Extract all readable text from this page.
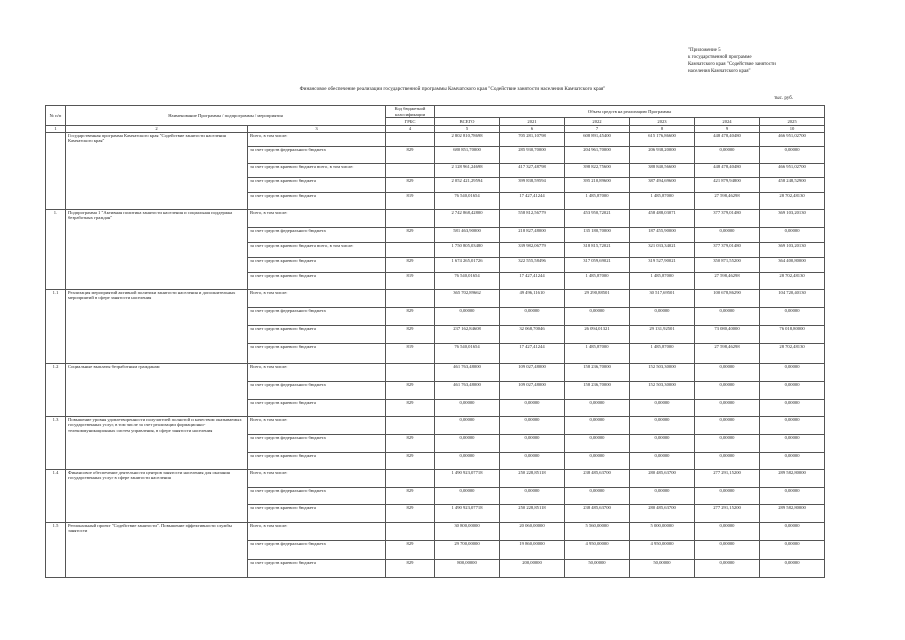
"Приложение 5
к государственной программе
Камчатского края "Содействие занятости
населения Камчатского края"
Финансовое обеспечение реализации государственной программы Камчатского края "Содействие занятости населения Камчатского края"
тыс. руб.
№ п/п	Наименование Программы / подпрограммы / мероприятия		Код бюджетной классификации	Объем средств на реализацию Программы					
			ГРБС						
				ВСЕГО	2021	2022	2023	2024	2025
1	2	3	4	5	6	7	8	9	10
	Государственная программа Камчатского края "Содействие занятости населения Камчатского края"	Всего, в том числе:		2 802 810,78698	705 281,10798	608 891,45400	615 176,86600	448 478,40480	466 951,02700
		за счет средств федерального бюджета	829	680 851,70000	285 930,70000	204 961,70000	206 938,20000	0,00000	0,00000
		за счет средств краевого бюджета всего, в том числе:		2 128 961,24698	417 327,48798	398 822,75600	388 840,56600	448 478,40480	466 951,02700
		за счет средств краевого бюджета	829	2 052 421,29594	399 838,59594	395 210,89600	387 494,69600	421 879,94800	458 248,52900
		за счет средств краевого бюджета	819	76 540,01654	17 427,41244	1 485,87000	1 485,87000	27 598,46298	28 702,48130
1.	Подпрограмма 1 "Активная политика занятости населения и социальная поддержка безработных граждан"	Всего, в том числе:		2 742 868,42800	558 812,56779	453 950,72021	458 488,03071	377 379,01480	369 103,20130
		за счет средств федерального бюджета	829	581 463,90000	218 827,48000	135 180,70000	187 455,90000	0,00000	0,00000
		за счет средств краевого бюджета всего, в том числе:		1 750 805,03480	339 982,06779	318 815,72021	321 033,34021	377 379,01480	369 103,20130
		за счет средств краевого бюджета	829	1 674 265,01726	322 555,58496	317 059,69021	319 527,90021	350 871,55200	364 400,80000
		за счет средств краевого бюджета	819	76 540,01654	17 427,41244	1 485,87000	1 485,87000	27 598,46298	28 702,48130
1.1	Реализация мероприятий активной политики занятости населения и дополнительных мероприятий в сфере занятости населения	Всего, в том числе:		365 702,89662	49 496,11610	29 290,88501	30 517,69501	100 678,86290	104 720,40130
		за счет средств федерального бюджета	829	0,00000	0,00000	0,00000	0,00000	0,00000	0,00000
		за счет средств краевого бюджета	829	237 162,84608	32 068,70046	26 094,01321	29 131,92501	73 080,40000	76 018,80000
		за счет средств краевого бюджета	819	76 540,01654	17 427,41244	1 485,87000	1 485,87000	27 598,46298	28 702,48130
1.2	Социальные выплаты безработным гражданам	Всего, в том числе:		461 763,48000	109 027,48000	158 236,70000	152 503,30000	0,00000	0,00000
		за счет средств федерального бюджета	829	461 763,48000	109 027,48000	158 236,70000	152 503,30000	0,00000	0,00000
		за счет средств краевого бюджета	829	0,00000	0,00000	0,00000	0,00000	0,00000	0,00000
1.3	Повышение уровня удовлетворенности получателей полнотой и качеством оказываемых государственных услуг, в том числе за счет реализации формационно-телекоммуникационных систем управления, в сфере занятости населения	Всего, в том числе:		0,00000	0,00000	0,00000	0,00000	0,00000	0,00000
		за счет средств федерального бюджета	829	0,00000	0,00000	0,00000	0,00000	0,00000	0,00000
		за счет средств краевого бюджета	829	0,00000	0,00000	0,00000	0,00000	0,00000	0,00000
1.4	Финансовое обеспечение деятельности центров занятости населения для оказания государственных услуг в сфере занятости населения	Всего, в том числе:		1 490 923,07718	250 228,85118	238 485,63700	280 485,63700	277 291,15200	289 582,80000
		за счет средств федерального бюджета	829	0,00000	0,00000	0,00000	0,00000	0,00000	0,00000
		за счет средств краевого бюджета	829	1 490 923,07718	250 228,85118	238 485,63700	280 485,63700	277 291,15200	289 582,80000
1.5	Региональный проект "Содействие занятости". Повышение эффективности службы занятости	Всего, в том числе:		30 800,00000	20 060,00000	5 560,00000	5 000,00000	0,00000	0,00000
		за счет средств федерального бюджета	829	29 700,00000	19 860,00000	4 950,00000	4 950,00000	0,00000	0,00000
		за счет средств краевого бюджета	829	800,00000	200,00000	50,00000	50,00000	0,00000	0,00000
